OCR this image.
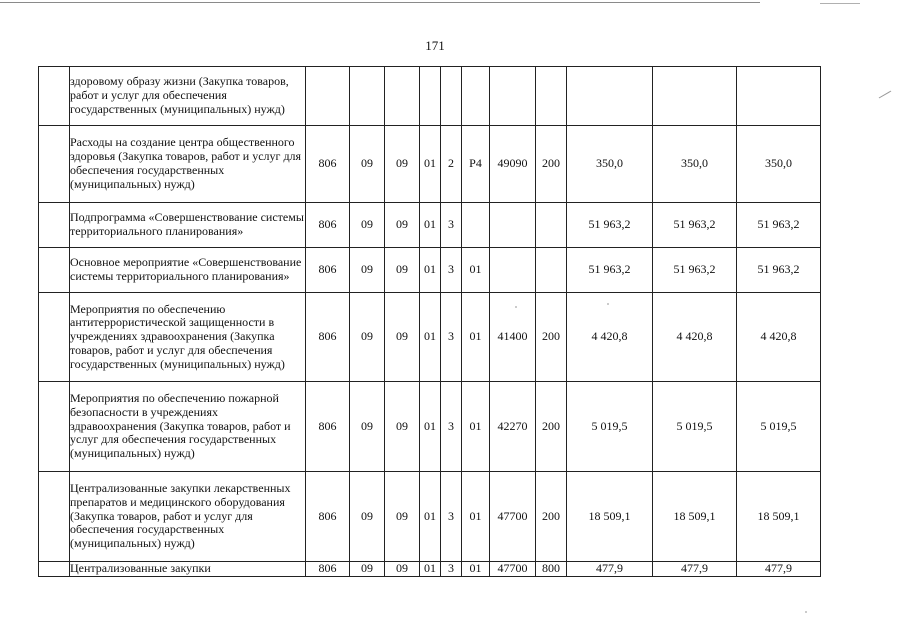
171
	здоровому образу жизни (Закупка товаров, работ и услуг для обеспечения государственных (муниципальных) нужд)											
	Расходы на создание центра общественного здоровья (Закупка товаров, работ и услуг для обеспечения государственных (муниципальных) нужд)	806	09	09	01	2	P4	49090	200	350,0	350,0	350,0
	Подпрограмма «Совершенствование системы территориального планирования»	806	09	09	01	3				51 963,2	51 963,2	51 963,2
	Основное мероприятие «Совершенствование системы территориального планирования»	806	09	09	01	3	01			51 963,2	51 963,2	51 963,2
	Мероприятия по обеспечению антитеррористической защищенности в учреждениях здравоохранения (Закупка товаров, работ и услуг для обеспечения государственных (муниципальных) нужд)	806	09	09	01	3	01	41400	200	4 420,8	4 420,8	4 420,8
	Мероприятия по обеспечению пожарной безопасности в учреждениях здравоохранения (Закупка товаров, работ и услуг для обеспечения государственных (муниципальных) нужд)	806	09	09	01	3	01	42270	200	5 019,5	5 019,5	5 019,5
	Централизованные закупки лекарственных препаратов и медицинского оборудования (Закупка товаров, работ и услуг для обеспечения государственных (муниципальных) нужд)	806	09	09	01	3	01	47700	200	18 509,1	18 509,1	18 509,1
	Централизованные закупки	806	09	09	01	3	01	47700	800	477,9	477,9	477,9
